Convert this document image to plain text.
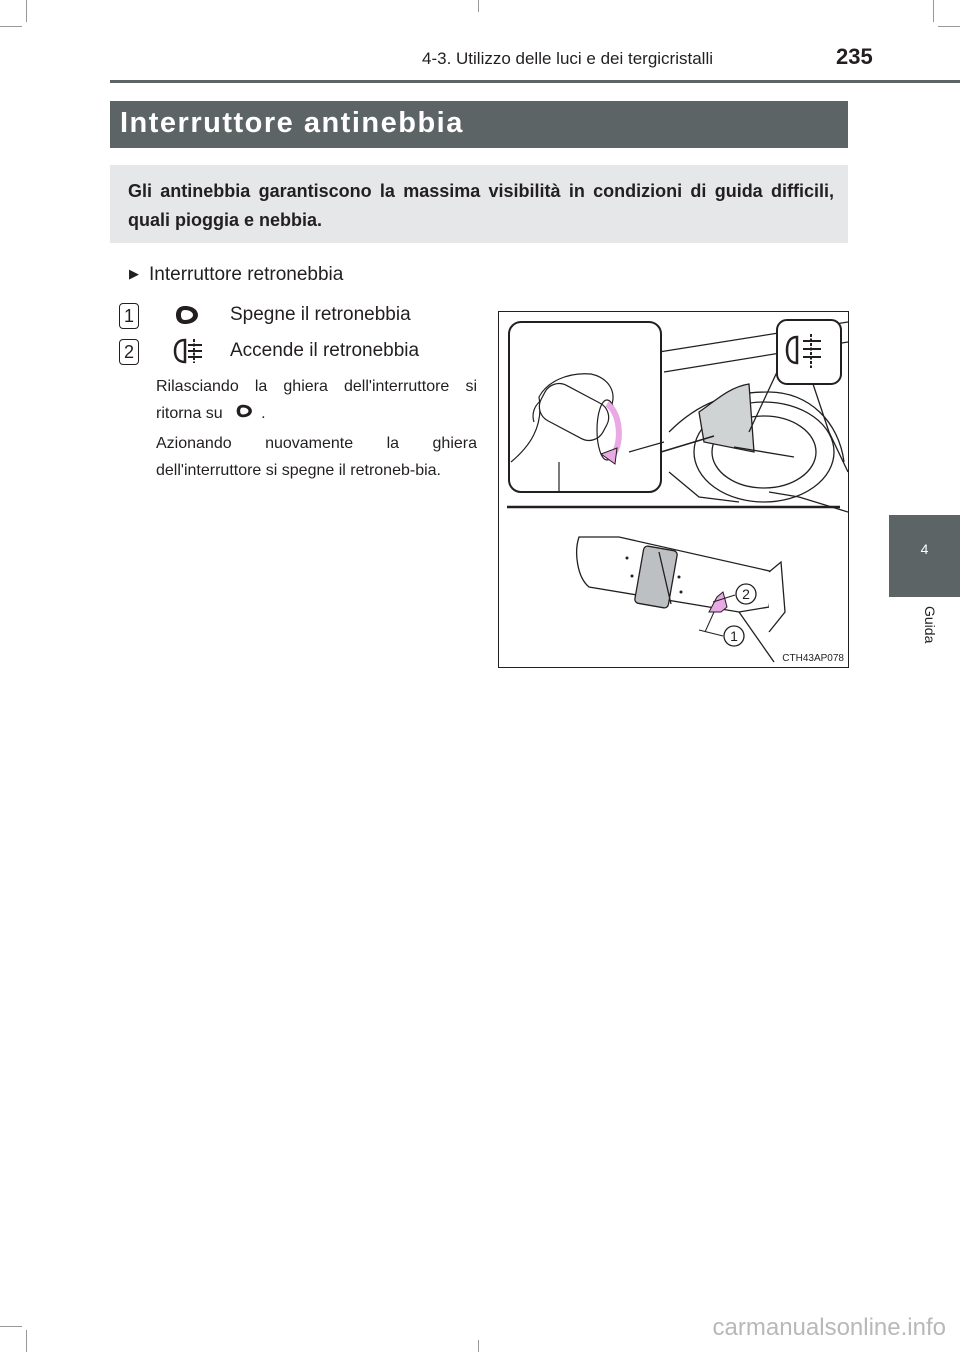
4-3. Utilizzo delle luci e dei tergicristalli	235
Interruttore antinebbia
Gli antinebbia garantiscono la massima visibilità in condizioni di guida difficili, quali pioggia e nebbia.
4
Guida
▶ Interruttore retronebbia
1	Spegne il retronebbia
2	Accende il retronebbia
Rilasciando la ghiera dell'interruttore si ritorna su .
Azionando nuovamente la ghiera dell'interruttore si spegne il retroneb-bia.
2
1
CTH43AP078
carmanualsonline.info
